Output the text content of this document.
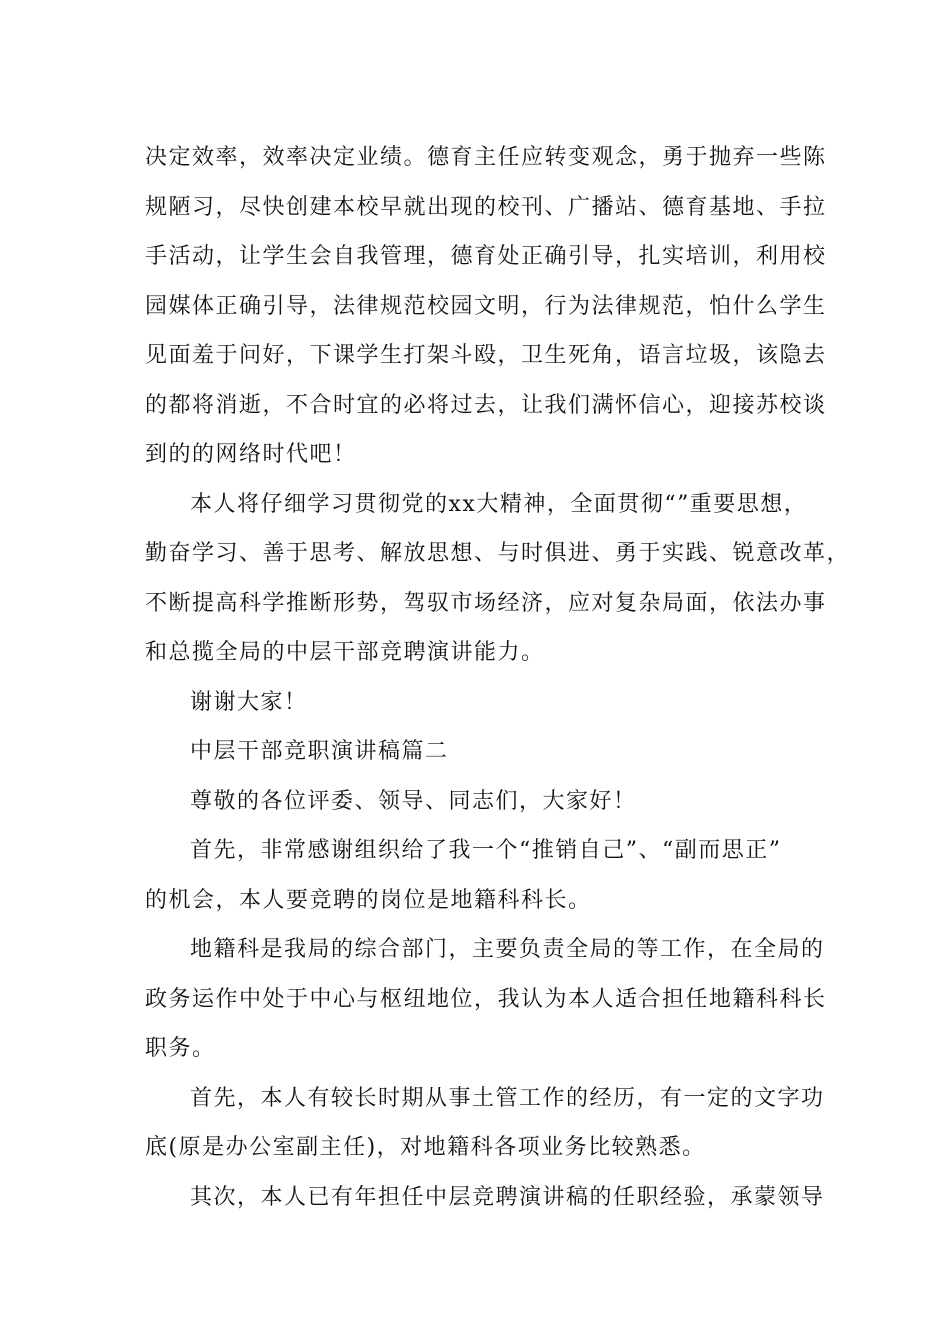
决定效率，效率决定业绩。德育主任应转变观念，勇于抛弃一些陈
规陋习，尽快创建本校早就出现的校刊、广播站、德育基地、手拉
手活动，让学生会自我管理，德育处正确引导，扎实培训，利用校
园媒体正确引导，法律规范校园文明，行为法律规范，怕什么学生
见面羞于问好，下课学生打架斗殴，卫生死角，语言垃圾，该隐去
的都将消逝，不合时宜的必将过去，让我们满怀信心，迎接苏校谈
到的的网络时代吧！

本人将仔细学习贯彻党的xx大精神，全面贯彻“”重要思想，
勤奋学习、善于思考、解放思想、与时俱进、勇于实践、锐意改革，
不断提高科学推断形势，驾驭市场经济，应对复杂局面，依法办事
和总揽全局的中层干部竞聘演讲能力。

谢谢大家！

中层干部竞职演讲稿篇二

尊敬的各位评委、领导、同志们，大家好！

首先，非常感谢组织给了我一个“推销自己”、“副而思正”
的机会，本人要竞聘的岗位是地籍科科长。

地籍科是我局的综合部门，主要负责全局的等工作，在全局的
政务运作中处于中心与枢纽地位，我认为本人适合担任地籍科科长
职务。

首先，本人有较长时期从事土管工作的经历，有一定的文字功
底(原是办公室副主任)，对地籍科各项业务比较熟悉。

其次，本人已有年担任中层竞聘演讲稿的任职经验，承蒙领导
